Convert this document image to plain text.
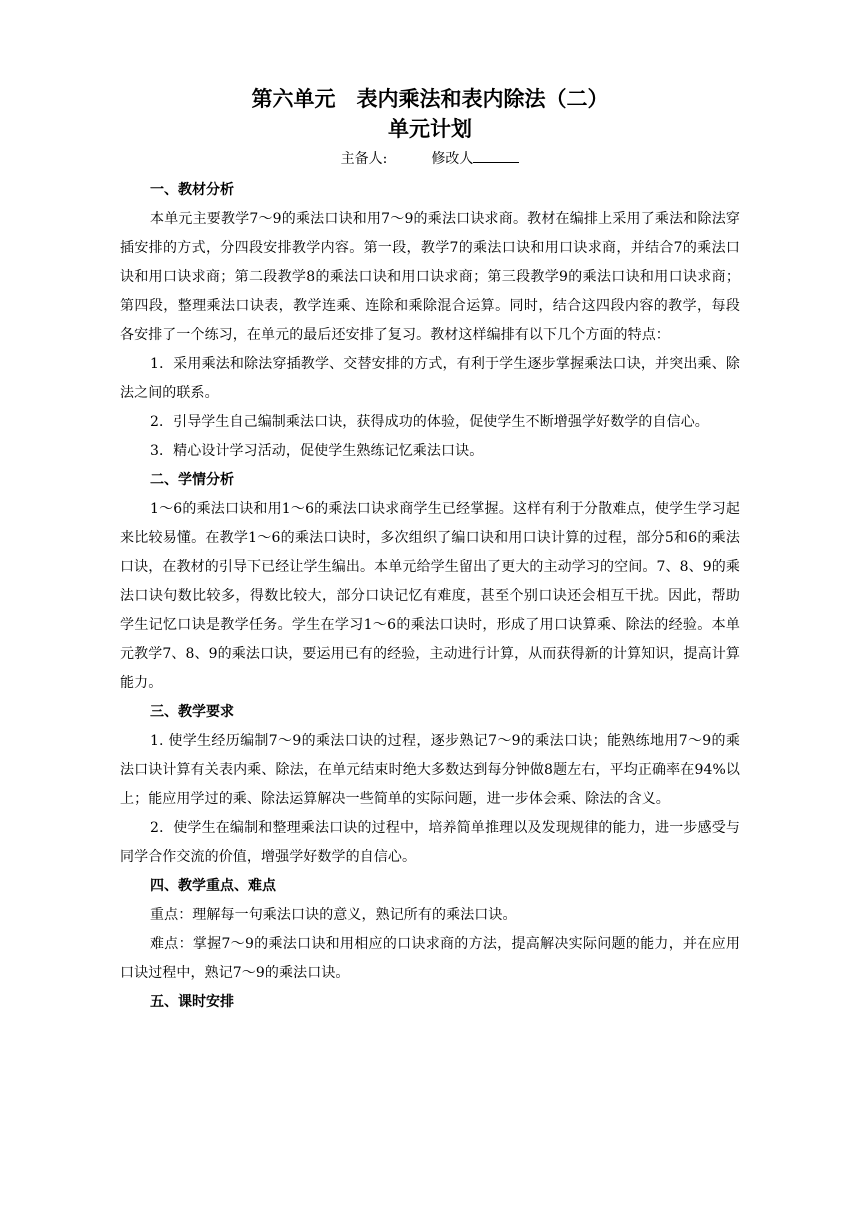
第六单元　表内乘法和表内除法（二）
单元计划
主备人:	修改人

一、教材分析

本单元主要教学7～9的乘法口诀和用7～9的乘法口诀求商。教材在编排上采用了乘法和除法穿插安排的方式，分四段安排教学内容。第一段，教学7的乘法口诀和用口诀求商，并结合7的乘法口诀和用口诀求商；第二段教学8的乘法口诀和用口诀求商；第三段教学9的乘法口诀和用口诀求商；第四段，整理乘法口诀表，教学连乘、连除和乘除混合运算。同时，结合这四段内容的教学，每段各安排了一个练习，在单元的最后还安排了复习。教材这样编排有以下几个方面的特点：

1．采用乘法和除法穿插教学、交替安排的方式，有利于学生逐步掌握乘法口诀，并突出乘、除法之间的联系。

2．引导学生自己编制乘法口诀，获得成功的体验，促使学生不断增强学好数学的自信心。

3．精心设计学习活动，促使学生熟练记忆乘法口诀。

二、学情分析

1～6的乘法口诀和用1～6的乘法口诀求商学生已经掌握。这样有利于分散难点，使学生学习起来比较易懂。在教学1～6的乘法口诀时，多次组织了编口诀和用口诀计算的过程，部分5和6的乘法口诀，在教材的引导下已经让学生编出。本单元给学生留出了更大的主动学习的空间。7、8、9的乘法口诀句数比较多，得数比较大，部分口诀记忆有难度，甚至个别口诀还会相互干扰。因此，帮助学生记忆口诀是教学任务。学生在学习1～6的乘法口诀时，形成了用口诀算乘、除法的经验。本单元教学7、8、9的乘法口诀，要运用已有的经验，主动进行计算，从而获得新的计算知识，提高计算能力。

三、教学要求

1. 使学生经历编制7～9的乘法口诀的过程，逐步熟记7～9的乘法口诀；能熟练地用7～9的乘法口诀计算有关表内乘、除法，在单元结束时绝大多数达到每分钟做8题左右，平均正确率在94%以上；能应用学过的乘、除法运算解决一些简单的实际问题，进一步体会乘、除法的含义。

2．使学生在编制和整理乘法口诀的过程中，培养简单推理以及发现规律的能力，进一步感受与同学合作交流的价值，增强学好数学的自信心。

四、教学重点、难点

重点：理解每一句乘法口诀的意义，熟记所有的乘法口诀。

难点：掌握7～9的乘法口诀和用相应的口诀求商的方法，提高解决实际问题的能力，并在应用口诀过程中，熟记7～9的乘法口诀。

五、课时安排
